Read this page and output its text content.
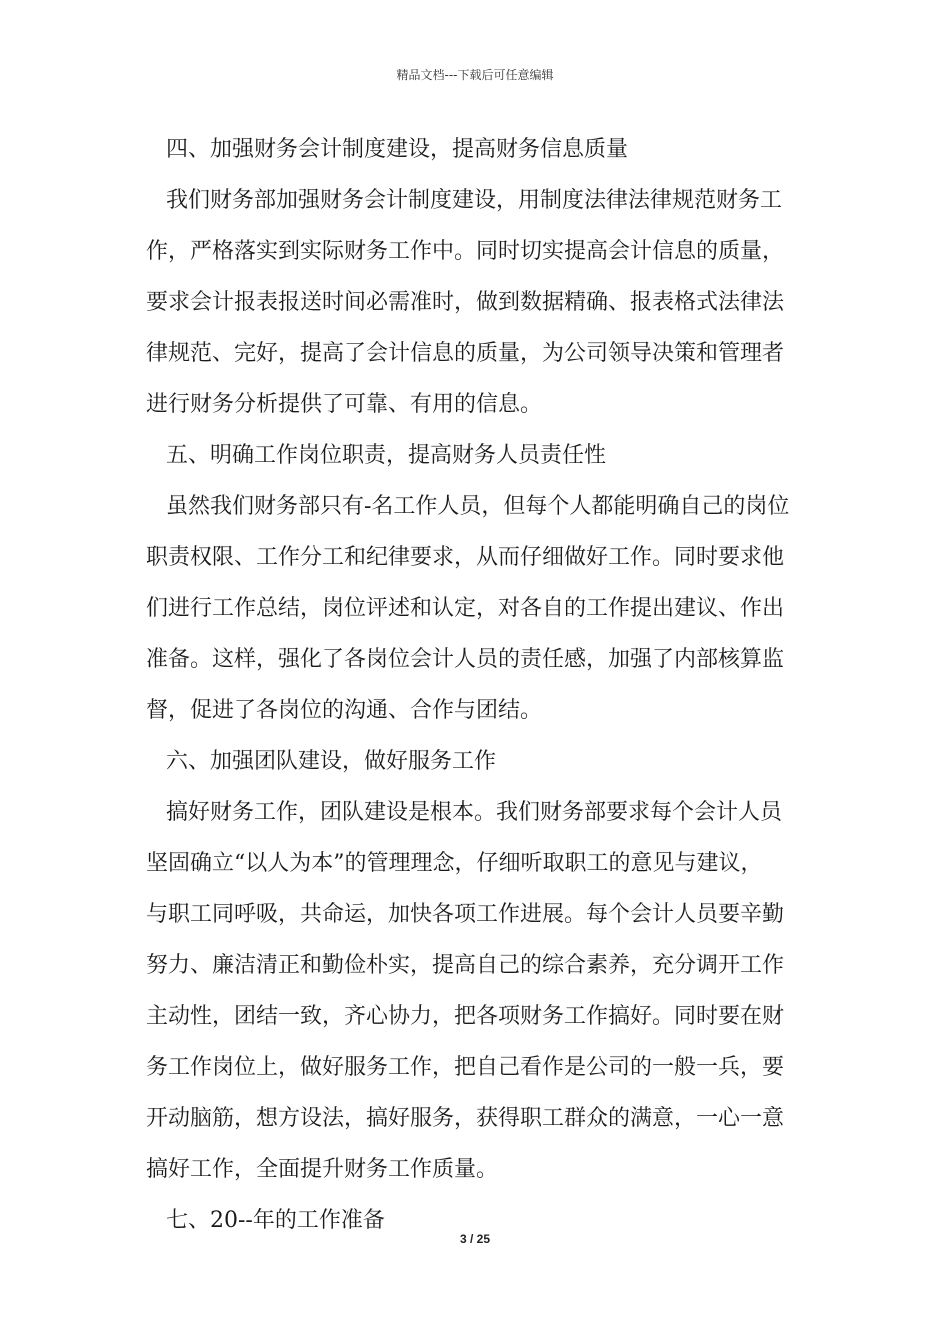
精品文档---下载后可任意编辑
四、加强财务会计制度建设，提高财务信息质量
我们财务部加强财务会计制度建设，用制度法律法律规范财务工
作，严格落实到实际财务工作中。同时切实提高会计信息的质量，
要求会计报表报送时间必需准时，做到数据精确、报表格式法律法
律规范、完好，提高了会计信息的质量，为公司领导决策和管理者
进行财务分析提供了可靠、有用的信息。
五、明确工作岗位职责，提高财务人员责任性
虽然我们财务部只有-名工作人员，但每个人都能明确自己的岗位
职责权限、工作分工和纪律要求，从而仔细做好工作。同时要求他
们进行工作总结，岗位评述和认定，对各自的工作提出建议、作出
准备。这样，强化了各岗位会计人员的责任感，加强了内部核算监
督，促进了各岗位的沟通、合作与团结。
六、加强团队建设，做好服务工作
搞好财务工作，团队建设是根本。我们财务部要求每个会计人员
坚固确立“以人为本”的管理理念，仔细听取职工的意见与建议，
与职工同呼吸，共命运，加快各项工作进展。每个会计人员要辛勤
努力、廉洁清正和勤俭朴实，提高自己的综合素养，充分调开工作
主动性，团结一致，齐心协力，把各项财务工作搞好。同时要在财
务工作岗位上，做好服务工作，把自己看作是公司的一般一兵，要
开动脑筋，想方设法，搞好服务，获得职工群众的满意，一心一意
搞好工作，全面提升财务工作质量。
七、20--年的工作准备
3 / 25
